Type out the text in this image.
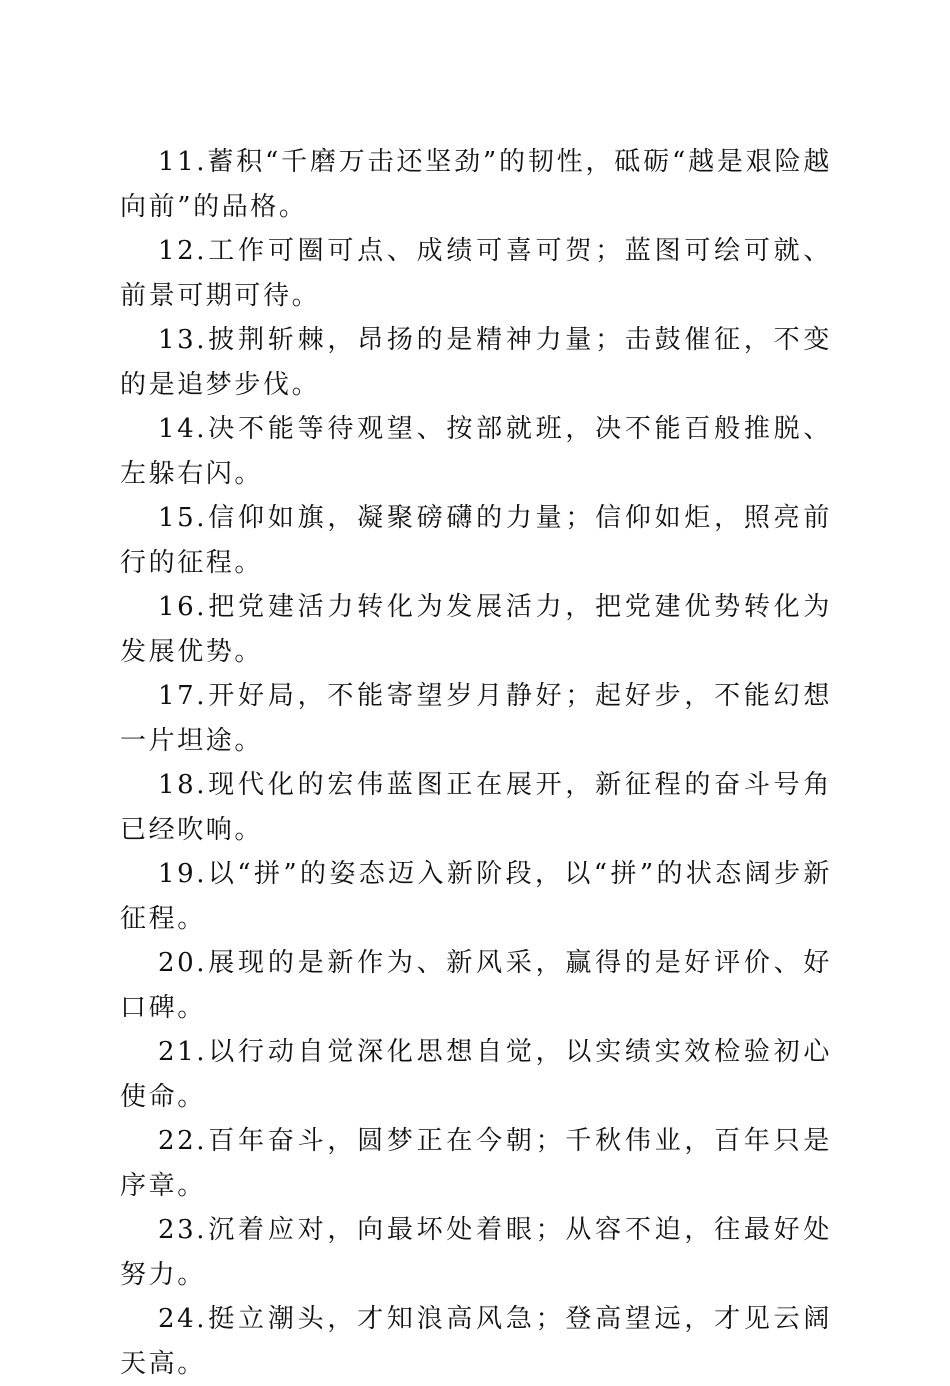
11.蓄积“千磨万击还坚劲”的韧性，砥砺“越是艰险越向前”的品格。

12.工作可圈可点、成绩可喜可贺；蓝图可绘可就、前景可期可待。

13.披荆斩棘，昂扬的是精神力量；击鼓催征，不变的是追梦步伐。

14.决不能等待观望、按部就班，决不能百般推脱、左躲右闪。

15.信仰如旗，凝聚磅礴的力量；信仰如炬，照亮前行的征程。

16.把党建活力转化为发展活力，把党建优势转化为发展优势。

17.开好局，不能寄望岁月静好；起好步，不能幻想一片坦途。

18.现代化的宏伟蓝图正在展开，新征程的奋斗号角已经吹响。

19.以“拼”的姿态迈入新阶段，以“拼”的状态阔步新征程。

20.展现的是新作为、新风采，赢得的是好评价、好口碑。

21.以行动自觉深化思想自觉，以实绩实效检验初心使命。

22.百年奋斗，圆梦正在今朝；千秋伟业，百年只是序章。

23.沉着应对，向最坏处着眼；从容不迫，往最好处努力。

24.挺立潮头，才知浪高风急；登高望远，才见云阔天高。
